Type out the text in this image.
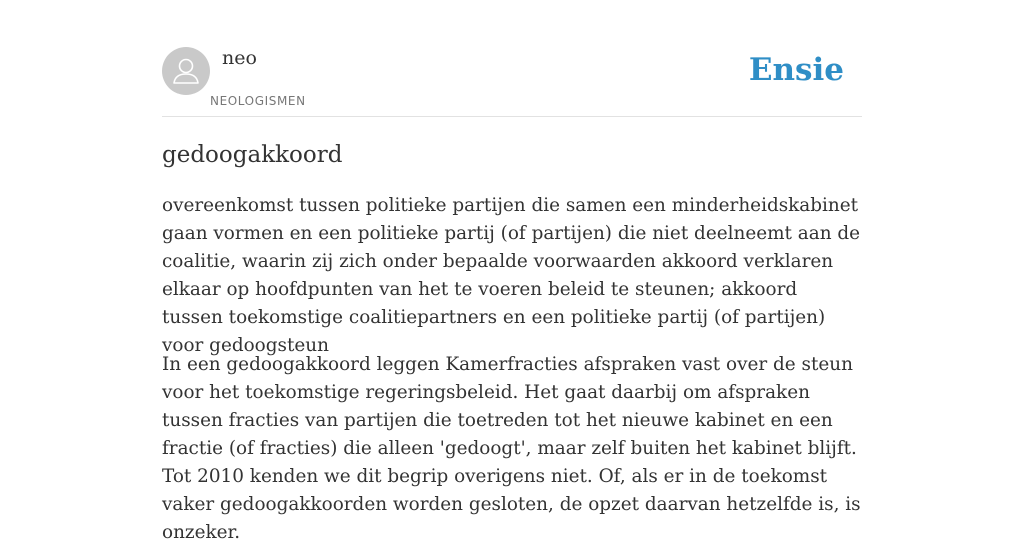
neo
NEOLOGISMEN
Ensie
gedoogakkoord

overeenkomst tussen politieke partijen die samen een minderheidskabinet gaan vormen en een politieke partij (of partijen) die niet deelneemt aan de coalitie, waarin zij zich onder bepaalde voorwaarden akkoord verklaren elkaar op hoofdpunten van het te voeren beleid te steunen; akkoord tussen toekomstige coalitiepartners en een politieke partij (of partijen) voor gedoogsteun

In een gedoogakkoord leggen Kamerfracties afspraken vast over de steun voor het toekomstige regeringsbeleid. Het gaat daarbij om afspraken tussen fracties van partijen die toetreden tot het nieuwe kabinet en een fractie (of fracties) die alleen 'gedoogt', maar zelf buiten het kabinet blijft. Tot 2010 kenden we dit begrip overigens niet. Of, als er in de toekomst vaker gedoogakkoorden worden gesloten, de opzet daarvan hetzelfde is, is onzeker.
